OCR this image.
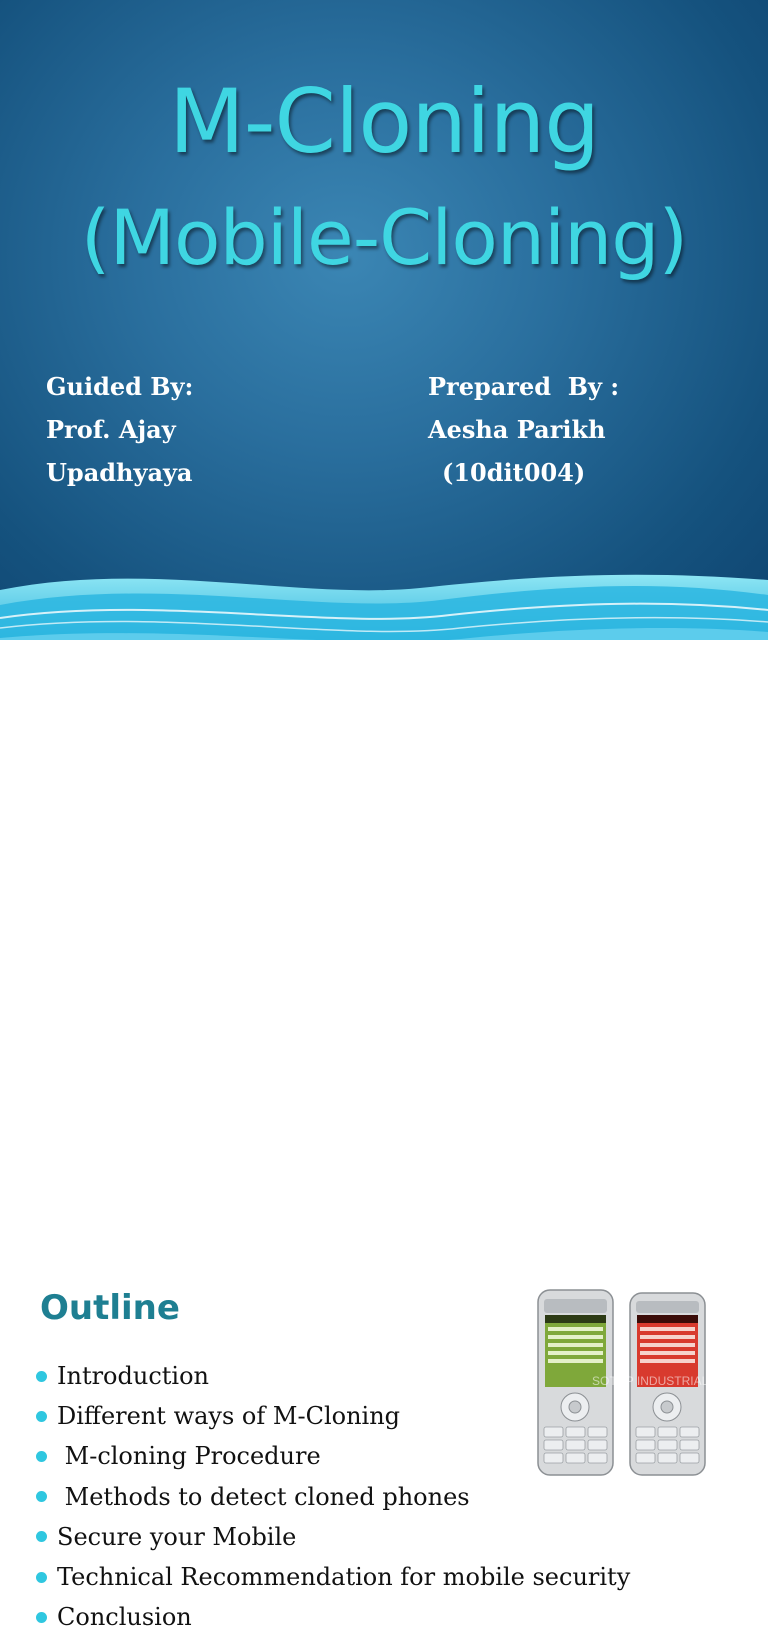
M-Cloning
(Mobile-Cloning)
Guided By:
Prof. Ajay
Upadhyaya
Prepared  By :
Aesha Parikh
(10dit004)
Outline
Introduction
Different ways of M-Cloning
M-cloning Procedure
Methods to detect cloned phones
Secure your Mobile
Technical Recommendation for mobile security
Conclusion
SOTOP INDUSTRIAL LTD
